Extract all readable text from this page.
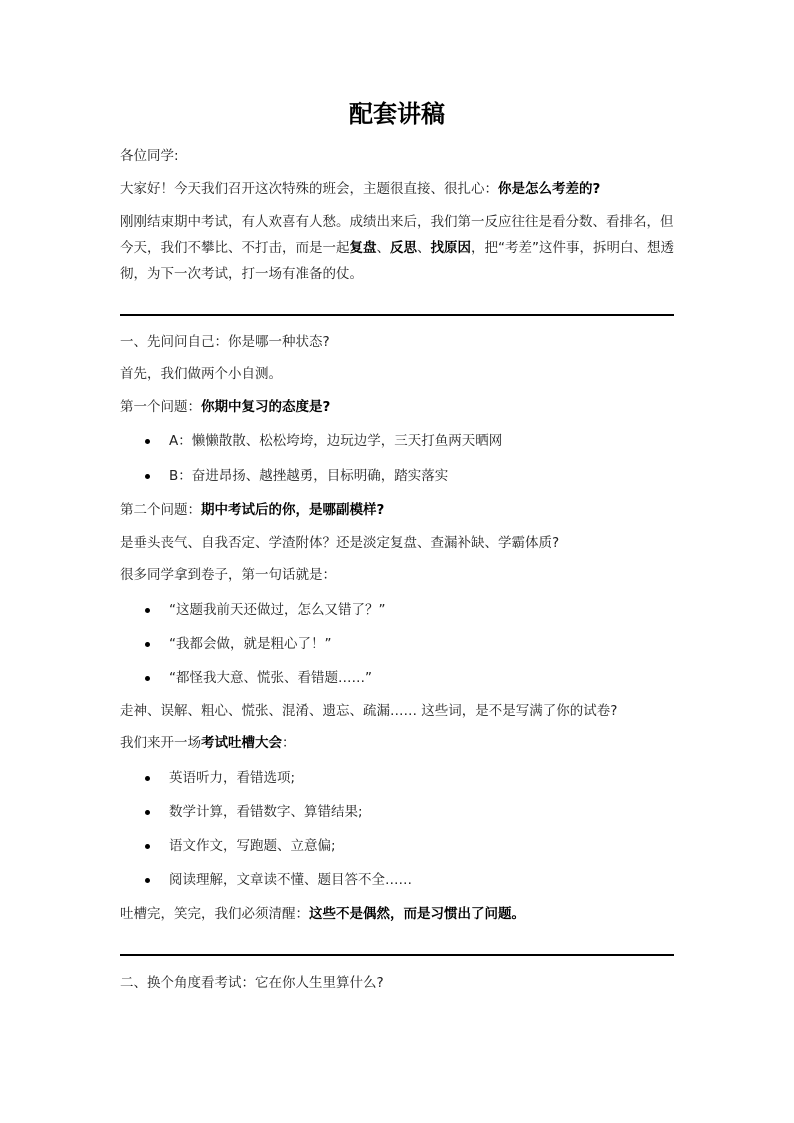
配套讲稿

各位同学:

大家好！今天我们召开这次特殊的班会，主题很直接、很扎心：你是怎么考差的?

刚刚结束期中考试，有人欢喜有人愁。成绩出来后，我们第一反应往往是看分数、看排名，但今天，我们不攀比、不打击，而是一起复盘、反思、找原因，把“考差”这件事，拆明白、想透彻，为下一次考试，打一场有准备的仗。

一、先问问自己：你是哪一种状态?

首先，我们做两个小自测。

第一个问题：你期中复习的态度是?

A：懒懒散散、松松垮垮，边玩边学，三天打鱼两天晒网
B：奋进昂扬、越挫越勇，目标明确，踏实落实

第二个问题：期中考试后的你，是哪副模样?

是垂头丧气、自我否定、学渣附体？还是淡定复盘、查漏补缺、学霸体质?

很多同学拿到卷子，第一句话就是：

“这题我前天还做过，怎么又错了？”
“我都会做，就是粗心了！”
“都怪我大意、慌张、看错题……”

走神、误解、粗心、慌张、混淆、遗忘、疏漏…… 这些词，是不是写满了你的试卷?

我们来开一场考试吐槽大会：

英语听力，看错选项;
数学计算，看错数字、算错结果;
语文作文，写跑题、立意偏;
阅读理解，文章读不懂、题目答不全……

吐槽完，笑完，我们必须清醒：这些不是偶然，而是习惯出了问题。

二、换个角度看考试：它在你人生里算什么?
